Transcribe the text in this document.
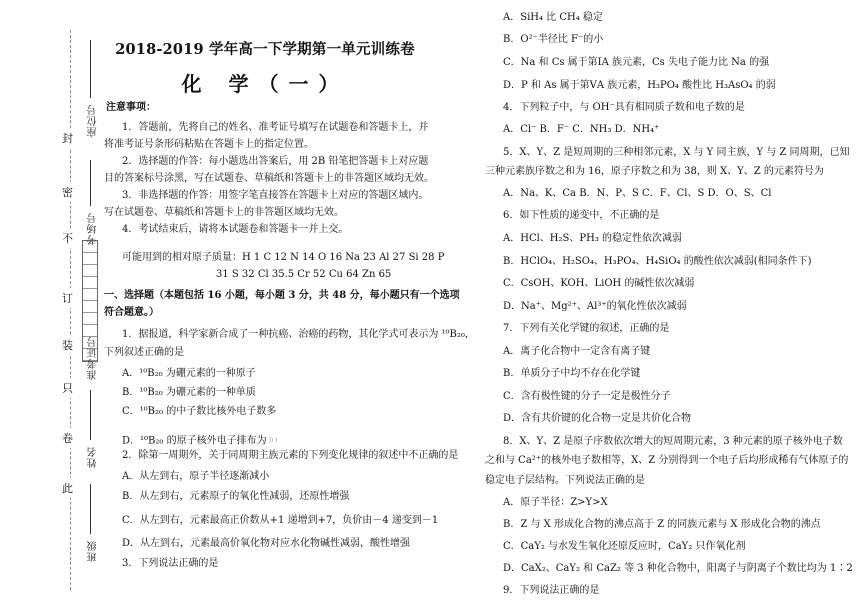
封
密
不
订
装
只
卷
此
座位号
考场号
准考证号
姓名
班级
2018-2019 学年高一下学期第一单元训练卷
化 学（一）
注意事项：
1．答题前，先将自己的姓名、准考证号填写在试题卷和答题卡上，并
将准考证号条形码粘贴在答题卡上的指定位置。
2．选择题的作答：每小题选出答案后，用 2B 铅笔把答题卡上对应题
目的答案标号涂黑，写在试题卷、草稿纸和答题卡上的非答题区域均无效。
3．非选择题的作答：用签字笔直接答在答题卡上对应的答题区域内。
写在试题卷、草稿纸和答题卡上的非答题区域均无效。
4．考试结束后，请将本试题卷和答题卡一并上交。
可能用到的相对原子质量：H 1 C 12 N 14 O 16 Na 23 Al 27 Si 28 P
31 S 32 Cl 35.5 Cr 52 Cu 64 Zn 65
一、选择题（本题包括 16 小题，每小题 3 分，共 48 分，每小题只有一个选项
符合题意。）
1．据报道，科学家新合成了一种抗癌、治癌的药物，其化学式可表示为 ¹⁰B₂₀，
下列叙述正确的是
A．¹⁰B₂₀ 为硼元素的一种原子
B．¹⁰B₂₀ 为硼元素的一种单质
C．¹⁰B₂₀ 的中子数比核外电子数多
D．¹⁰B₂₀ 的原子核外电子排布为 )) )
2．除第一周期外，关于同周期主族元素的下列变化规律的叙述中不正确的是
A．从左到右，原子半径逐渐减小
B．从左到右，元素原子的氧化性减弱，还原性增强
C．从左到右，元素最高正价数从+1 递增到+7，负价由－4 递变到－1
D．从左到右，元素最高价氧化物对应水化物碱性减弱，酸性增强
3．下列说法正确的是
A．SiH₄ 比 CH₄ 稳定
B．O²⁻半径比 F⁻的小
C．Na 和 Cs 属于第ⅠA 族元素，Cs 失电子能力比 Na 的强
D．P 和 As 属于第ⅤA 族元素，H₃PO₄ 酸性比 H₃AsO₄ 的弱
4．下列粒子中，与 OH⁻具有相同质子数和电子数的是
A．Cl⁻ B．F⁻ C．NH₃ D．NH₄⁺
5．X、Y、Z 是短周期的三种相邻元素，X 与 Y 同主族，Y 与 Z 同周期，已知
三种元素族序数之和为 16，原子序数之和为 38，则 X、Y、Z 的元素符号为
A．Na、K、Ca B．N、P、S C．F、Cl、S D．O、S、Cl
6．如下性质的递变中，不正确的是
A．HCl、H₂S、PH₃ 的稳定性依次减弱
B．HClO₄、H₂SO₄、H₃PO₄、H₄SiO₄ 的酸性依次减弱(相同条件下)
C．CsOH、KOH、LiOH 的碱性依次减弱
D．Na⁺、Mg²⁺、Al³⁺的氧化性依次减弱
7．下列有关化学键的叙述，正确的是
A．离子化合物中一定含有离子键
B．单质分子中均不存在化学键
C．含有极性键的分子一定是极性分子
D．含有共价键的化合物一定是共价化合物
8．X、Y、Z 是原子序数依次增大的短周期元素，3 种元素的原子核外电子数
之和与 Ca²⁺的核外电子数相等，X、Z 分别得到一个电子后均形成稀有气体原子的
稳定电子层结构。下列说法正确的是
A．原子半径：Z>Y>X
B．Z 与 X 形成化合物的沸点高于 Z 的同族元素与 X 形成化合物的沸点
C．CaY₂ 与水发生氧化还原反应时，CaY₂ 只作氧化剂
D．CaX₂、CaY₂ 和 CaZ₂ 等 3 种化合物中，阳离子与阴离子个数比均为 1∶2
9．下列说法正确的是
